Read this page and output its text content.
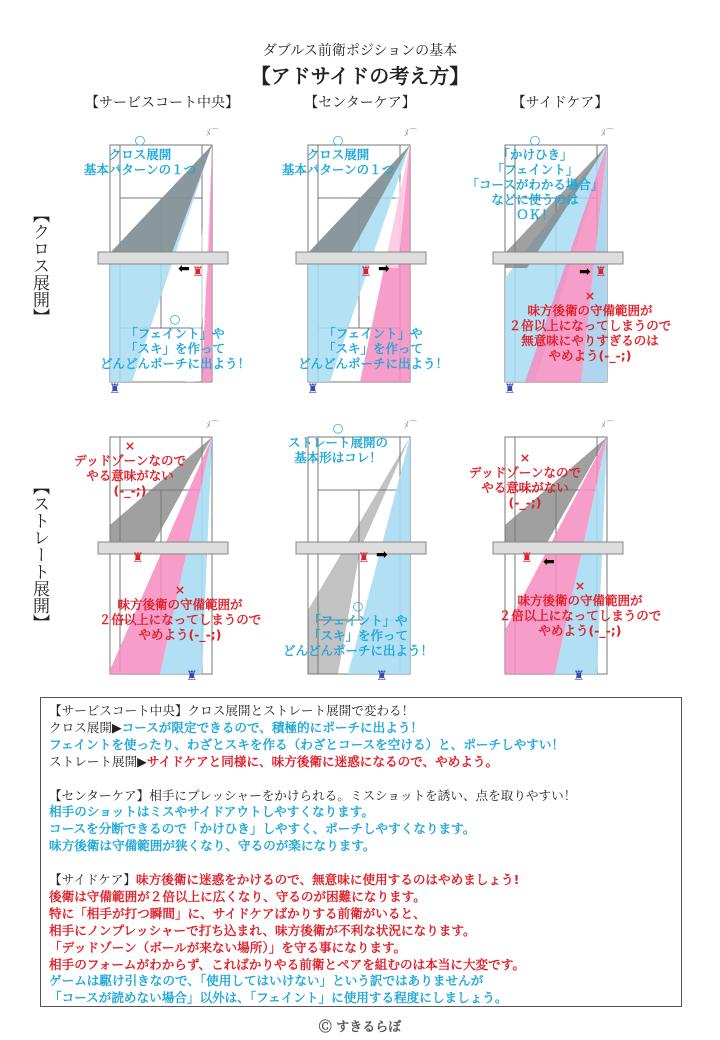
ダブルス前衛ポジションの基本
【アドサイドの考え方】
【サービスコート中央】	【センターケア】	【サイドケア】
【クロス展開】
【ストレート展開】
⬅ ♜
♜
ﾒ⌒
○
クロス展開
基本パターンの１つ
○
「フェイント」や
「スキ」を作って
どんどんポーチに出よう！
♜ ➡
♜
ﾒ⌒
○
クロス展開
基本パターンの１つ
「フェイント」や
「スキ」を作って
どんどんポーチに出よう！
➡ ♜
♜
ﾒ⌒
○
「かけひき」
「フェイント」
「コースがわかる場合」
などに使うのは
ＯＫ！
×
味方後衛の守備範囲が
２倍以上になってしまうので
無意味にやりすぎるのは
やめよう(-_-;)
♜
♜
ﾒ⌒
×
デッドゾーンなので
やる意味がない
(-_-;)
×
味方後衛の守備範囲が
２倍以上になってしまうので
やめよう(-_-;)
♜ ➡
♜
ﾒ⌒
○
ストレート展開の
基本形はコレ！
○
「フェイント」や
「スキ」を作って
どんどんポーチに出よう！
♜ ⬅
♜
ﾒ⌒
×
デッドゾーンなので
やる意味がない
(-_-;)
×
味方後衛の守備範囲が
２倍以上になってしまうので
やめよう(-_-;)
【サービスコート中央】クロス展開とストレート展開で変わる！
クロス展開▶コースが限定できるので、積極的にポーチに出よう！
フェイントを使ったり、わざとスキを作る（わざとコースを空ける）と、ポーチしやすい！
ストレート展開▶サイドケアと同様に、味方後衛に迷惑になるので、やめよう。
【センターケア】相手にプレッシャーをかけられる。ミスショットを誘い、点を取りやすい！
相手のショットはミスやサイドアウトしやすくなります。
コースを分断できるので「かけひき」しやすく、ポーチしやすくなります。
味方後衛は守備範囲が狭くなり、守るのが楽になります。
【サイドケア】味方後衛に迷惑をかけるので、無意味に使用するのはやめましょう!
後衛は守備範囲が２倍以上に広くなり、守るのが困難になります。
特に「相手が打つ瞬間」に、サイドケアばかりする前衛がいると、
相手にノンプレッシャーで打ち込まれ、味方後衛が不利な状況になります。
「デッドゾーン（ボールが来ない場所）」を守る事になります。
相手のフォームがわからず、こればかりやる前衛とペアを組むのは本当に大変です。
ゲームは駆け引きなので、「使用してはいけない」という訳ではありませんが
「コースが読めない場合」以外は、「フェイント」に使用する程度にしましょう。
Ⓒ すきるらぼ
